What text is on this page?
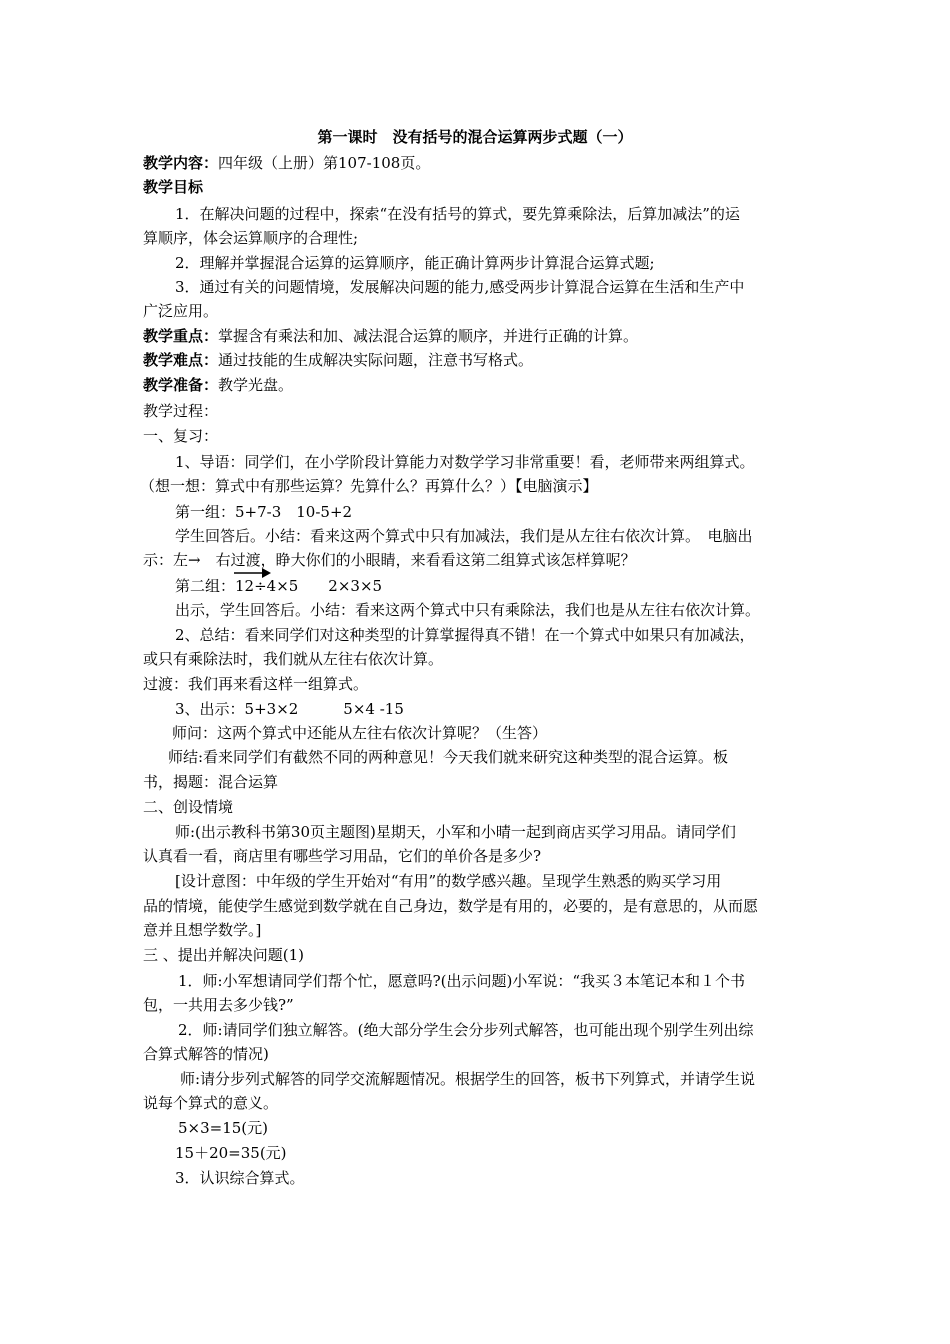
第一课时　没有括号的混合运算两步式题（一）
教学内容：四年级（上册）第107-108页。
教学目标
1．在解决问题的过程中，探索“在没有括号的算式，要先算乘除法，后算加减法”的运
算顺序，体会运算顺序的合理性;
2．理解并掌握混合运算的运算顺序，能正确计算两步计算混合运算式题;
3．通过有关的问题情境，发展解决问题的能力,感受两步计算混合运算在生活和生产中
广泛应用。
教学重点：掌握含有乘法和加、减法混合运算的顺序，并进行正确的计算。
教学难点：通过技能的生成解决实际问题，注意书写格式。
教学准备：教学光盘。
教学过程：
一、复习：
1、导语：同学们，在小学阶段计算能力对数学学习非常重要！看，老师带来两组算式。
（想一想：算式中有那些运算？先算什么？再算什么？）【电脑演示】
第一组：5+7-3　10-5+2
学生回答后。小结：看来这两个算式中只有加减法，我们是从左往右依次计算。　电脑出
示：左→　右过渡，睁大你们的小眼睛，来看看这第二组算式该怎样算呢？
第二组：12÷4×5　　2×3×5
出示，学生回答后。小结：看来这两个算式中只有乘除法，我们也是从左往右依次计算。
2、总结：看来同学们对这种类型的计算掌握得真不错！在一个算式中如果只有加减法，
或只有乘除法时，我们就从左往右依次计算。
过渡：我们再来看这样一组算式。
3、出示：5+3×2　　　5×4 -15
师问：这两个算式中还能从左往右依次计算呢？（生答）
师结:看来同学们有截然不同的两种意见！今天我们就来研究这种类型的混合运算。板
书，揭题：混合运算
二、创设情境
师:(出示教科书第30页主题图)星期天，小军和小晴一起到商店买学习用品。请同学们
认真看一看，商店里有哪些学习用品，它们的单价各是多少?
[设计意图：中年级的学生开始对“有用”的数学感兴趣。呈现学生熟悉的购买学习用
品的情境，能使学生感觉到数学就在自己身边，数学是有用的，必要的，是有意思的，从而愿
意并且想学数学。]
三 、提出并解决问题(1)
1．师:小军想请同学们帮个忙，愿意吗?(出示问题)小军说：“我买３本笔记本和１个书
包，一共用去多少钱?”
2．师:请同学们独立解答。(绝大部分学生会分步列式解答，也可能出现个别学生列出综
合算式解答的情况)
师:请分步列式解答的同学交流解题情况。根据学生的回答，板书下列算式，并请学生说
说每个算式的意义。
5×3=15(元)
15＋20=35(元)
3．认识综合算式。
